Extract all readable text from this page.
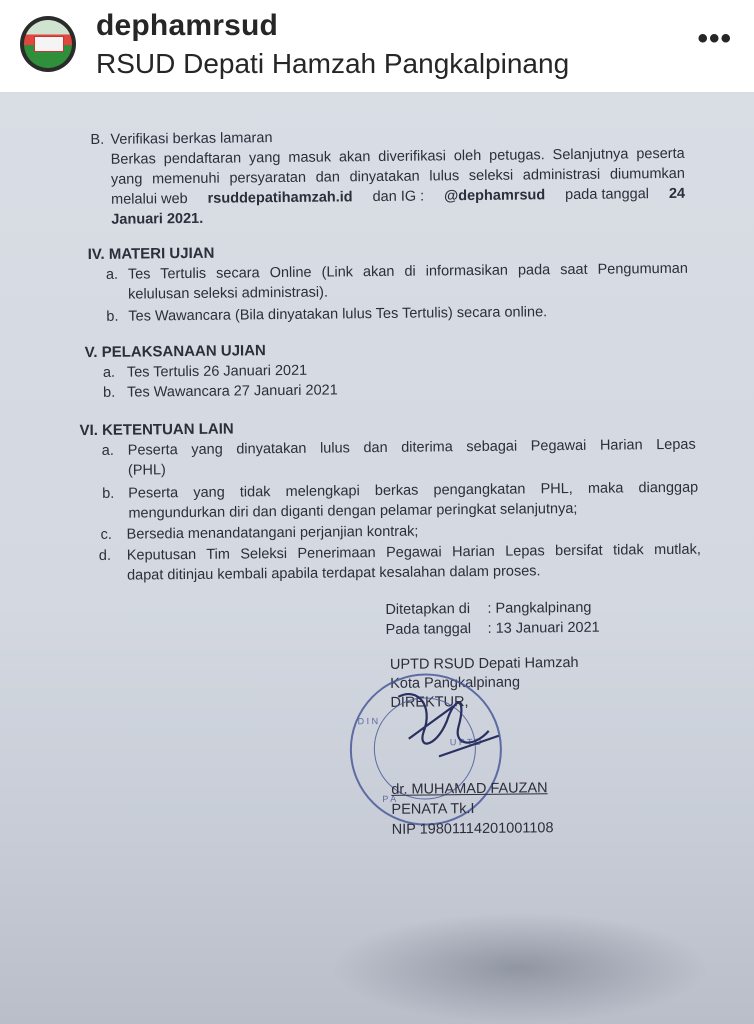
dephamrsud
RSUD Depati Hamzah Pangkalpinang
•••
B. Verifikasi berkas lamaran
Berkas pendaftaran yang masuk akan diverifikasi oleh petugas. Selanjutnya peserta
yang memenuhi persyaratan dan dinyatakan lulus seleksi administrasi diumumkan
melalui web rsuddepatihamzah.id dan IG : @dephamrsud pada tanggal 24
Januari 2021.
IV. MATERI UJIAN
a. Tes Tertulis secara Online (Link akan di informasikan pada saat Pengumuman
kelulusan seleksi administrasi).
b. Tes Wawancara (Bila dinyatakan lulus Tes Tertulis) secara online.
V. PELAKSANAAN UJIAN
a. Tes Tertulis 26 Januari 2021
b. Tes Wawancara 27 Januari 2021
VI. KETENTUAN LAIN
a. Peserta yang dinyatakan lulus dan diterima sebagai Pegawai Harian Lepas
(PHL)
b. Peserta yang tidak melengkapi berkas pengangkatan PHL, maka dianggap
mengundurkan diri dan diganti dengan pelamar peringkat selanjutnya;
c. Bersedia menandatangani perjanjian kontrak;
d. Keputusan Tim Seleksi Penerimaan Pegawai Harian Lepas bersifat tidak mutlak,
dapat ditinjau kembali apabila terdapat kesalahan dalam proses.
Ditetapkan di : Pangkalpinang
Pada tanggal : 13 Januari 2021
UPTD RSUD Depati Hamzah
Kota Pangkalpinang
DIREKTUR,
D I N
U P T D
P A
dr. MUHAMAD FAUZAN
PENATA Tk.I
NIP 19801114201001108
